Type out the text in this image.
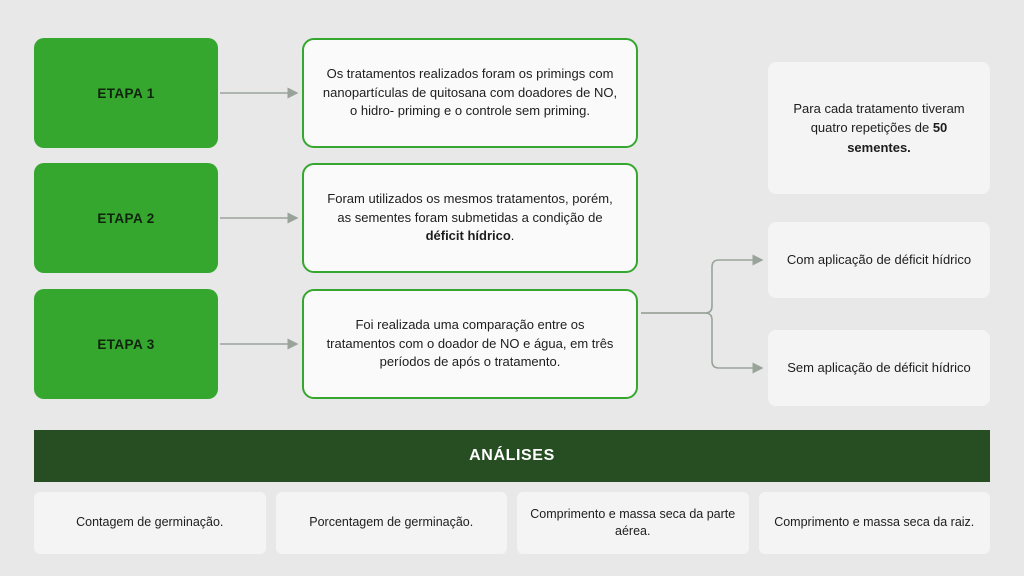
ETAPA 1
ETAPA 2
ETAPA 3
Os tratamentos realizados foram os primings com nanopartículas de quitosana com doadores de NO, o hidro- priming e o controle sem priming.
Foram utilizados os mesmos tratamentos, porém, as sementes foram submetidas a condição de déficit hídrico.
Foi realizada uma comparação entre os tratamentos com o doador de NO e água, em três períodos de após o tratamento.
Para cada tratamento tiveram quatro repetições de 50 sementes.
Com aplicação de déficit hídrico
Sem aplicação de déficit hídrico
ANÁLISES
Contagem de germinação.	Porcentagem de germinação.
Comprimento e massa seca da parte aérea.
Comprimento e massa seca da raiz.
